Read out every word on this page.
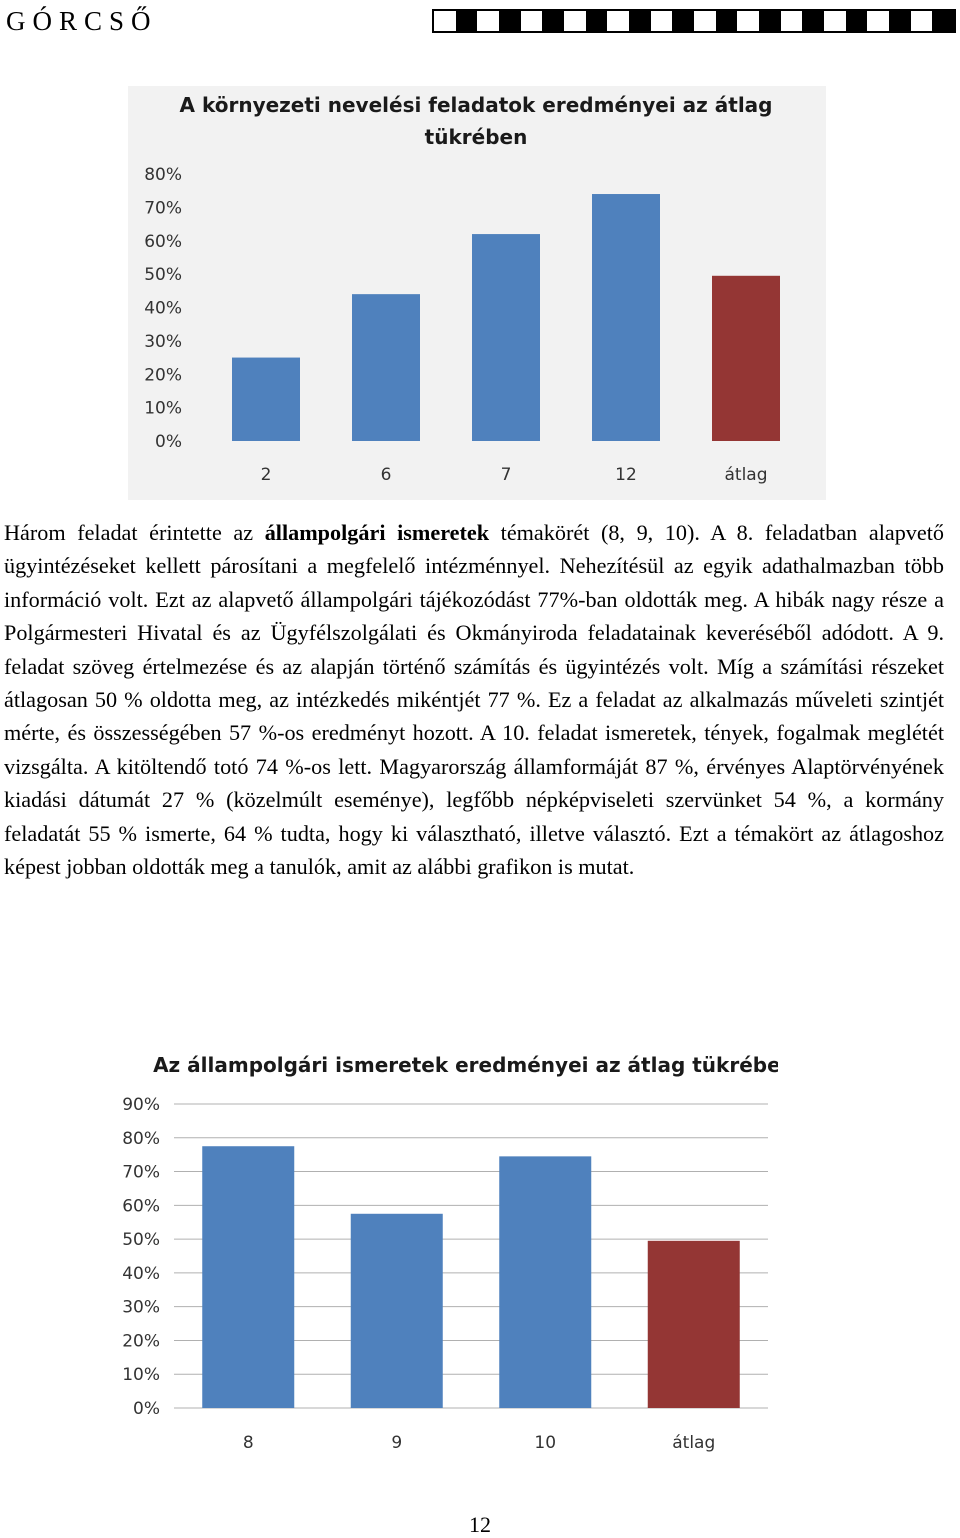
GÓRCSŐ
A környezeti nevelési feladatok eredményei az átlag
tükrében
0%
10%
20%
30%
40%
50%
60%
70%
80%
2	6	7	12	átlag
Három feladat érintette az állampolgári ismeretek témakörét (8, 9, 10). A 8. feladatban alapvető ügyintézéseket kellett párosítani a megfelelő intézménnyel. Nehezítésül az egyik adathalmazban több információ volt. Ezt az alapvető állampolgári tájékozódást 77%-ban oldották meg. A hibák nagy része a Polgármesteri Hivatal és az Ügyfélszolgálati és Okmányiroda feladatainak keveréséből adódott. A 9. feladat szöveg értelmezése és az alapján történő számítás és ügyintézés volt. Míg a számítási részeket átlagosan 50 % oldotta meg, az intézkedés mikéntjét 77 %. Ez a feladat az alkalmazás műveleti szintjét mérte, és összességében 57 %-os eredményt hozott. A 10. feladat ismeretek, tények, fogalmak meglétét vizsgálta. A kitöltendő totó 74 %-os lett. Magyarország államformáját 87 %, érvényes Alaptörvényének kiadási dátumát 27 % (közelmúlt eseménye), legfőbb népképviseleti szervünket 54 %, a kormány feladatát 55 % ismerte, 64 % tudta, hogy ki választható, illetve választó. Ezt a témakört az átlagoshoz képest jobban oldották meg a tanulók, amit az alábbi grafikon is mutat.
Az állampolgári ismeretek eredményei az átlag tükrében
0%
10%
20%
30%
40%
50%
60%
70%
80%
90%
8	9	10	átlag
12
